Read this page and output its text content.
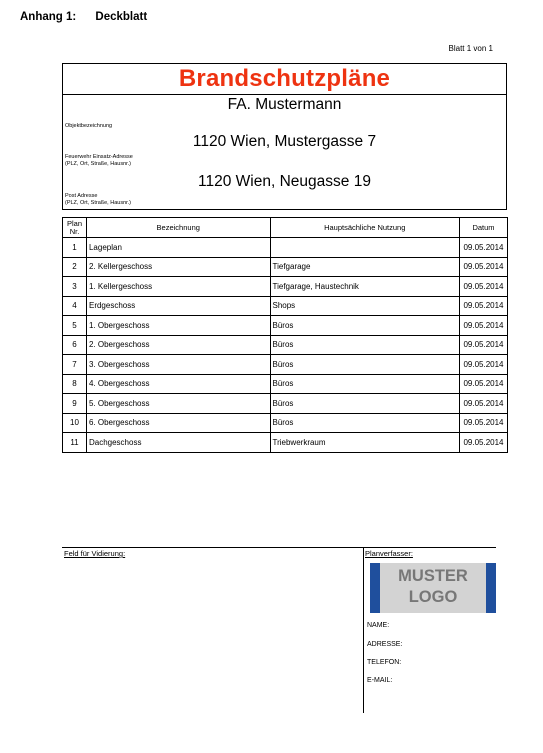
Anhang 1:      Deckblatt
Blatt 1 von 1
Brandschutzpläne
FA. Mustermann
Objektbezeichnung
1120 Wien, Mustergasse 7
Feuerwehr Einsatz-Adresse
(PLZ, Ort, Straße, Hausnr.)
1120 Wien, Neugasse 19
Post Adresse
(PLZ, Ort, Straße, Hausnr.)
Plan
Nr.	Bezeichnung	Hauptsächliche Nutzung	Datum
1	Lageplan		09.05.2014
2	2. Kellergeschoss	Tiefgarage	09.05.2014
3	1. Kellergeschoss	Tiefgarage, Haustechnik	09.05.2014
4	Erdgeschoss	Shops	09.05.2014
5	1. Obergeschoss	Büros	09.05.2014
6	2. Obergeschoss	Büros	09.05.2014
7	3. Obergeschoss	Büros	09.05.2014
8	4. Obergeschoss	Büros	09.05.2014
9	5. Obergeschoss	Büros	09.05.2014
10	6. Obergeschoss	Büros	09.05.2014
11	Dachgeschoss	Triebwerkraum	09.05.2014
Feld für Vidierung:	Planverfasser:
MUSTER
LOGO
NAME:
ADRESSE:
TELEFON:
E-MAIL:
